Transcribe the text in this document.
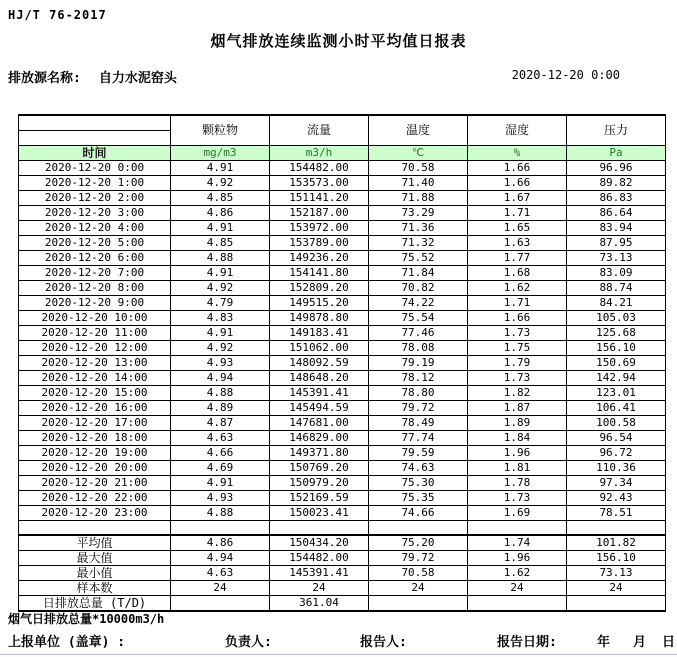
HJ/T 76-2017
烟气排放连续监测小时平均值日报表
排放源名称: 自力水泥窑头	2020-12-20 0:00
	颗粒物	流量	温度	湿度	压力

时间	mg/m3	m3/h	℃	%	Pa
2020-12-20 0:00	4.91	154482.00	70.58	1.66	96.96
2020-12-20 1:00	4.92	153573.00	71.40	1.66	89.82
2020-12-20 2:00	4.85	151141.20	71.88	1.67	86.83
2020-12-20 3:00	4.86	152187.00	73.29	1.71	86.64
2020-12-20 4:00	4.91	153972.00	71.36	1.65	83.94
2020-12-20 5:00	4.85	153789.00	71.32	1.63	87.95
2020-12-20 6:00	4.88	149236.20	75.52	1.77	73.13
2020-12-20 7:00	4.91	154141.80	71.84	1.68	83.09
2020-12-20 8:00	4.92	152809.20	70.82	1.62	88.74
2020-12-20 9:00	4.79	149515.20	74.22	1.71	84.21
2020-12-20 10:00	4.83	149878.80	75.54	1.66	105.03
2020-12-20 11:00	4.91	149183.41	77.46	1.73	125.68
2020-12-20 12:00	4.92	151062.00	78.08	1.75	156.10
2020-12-20 13:00	4.93	148092.59	79.19	1.79	150.69
2020-12-20 14:00	4.94	148648.20	78.12	1.73	142.94
2020-12-20 15:00	4.88	145391.41	78.80	1.82	123.01
2020-12-20 16:00	4.89	145494.59	79.72	1.87	106.41
2020-12-20 17:00	4.87	147681.00	78.49	1.89	100.58
2020-12-20 18:00	4.63	146829.00	77.74	1.84	96.54
2020-12-20 19:00	4.66	149371.80	79.59	1.96	96.72
2020-12-20 20:00	4.69	150769.20	74.63	1.81	110.36
2020-12-20 21:00	4.91	150979.20	75.30	1.78	97.34
2020-12-20 22:00	4.93	152169.59	75.35	1.73	92.43
2020-12-20 23:00	4.88	150023.41	74.66	1.69	78.51

平均值	4.86	150434.20	75.20	1.74	101.82
最大值	4.94	154482.00	79.72	1.96	156.10
最小值	4.63	145391.41	70.58	1.62	73.13
样本数	24	24	24	24	24
日排放总量 (T/D)		361.04			
烟气日排放总量*10000m3/h
上报单位 (盖章) :	负责人:	报告人:	报告日期:	年 月 日
